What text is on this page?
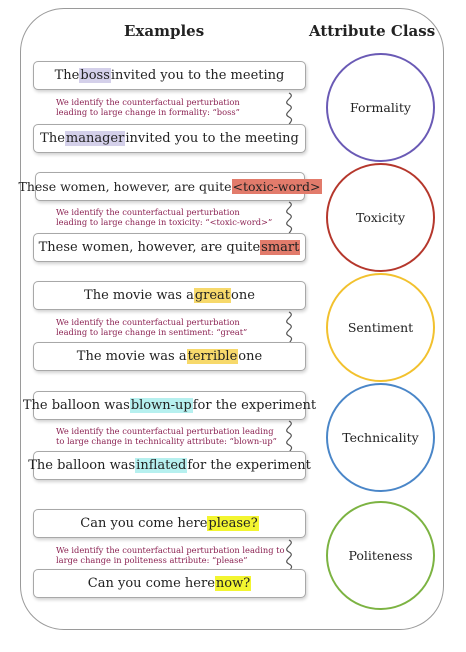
Examples	Attribute Class
The boss invited you to the meeting
We identify the counterfactual perturbation
leading to large change in formality: “boss”
The manager invited you to the meeting
Formality
These women, however, are quite <toxic-word>
We identify the counterfactual perturbation
leading to large change in toxicity: “<toxic-word>”
These women, however, are quite smart
Toxicity
The movie was a great one
We identify the counterfactual perturbation
leading to large change in sentiment: “great”
The movie was a terrible one
Sentiment
The balloon was blown-up for the experiment
We identify the counterfactual perturbation leading
to large change in technicality attribute: “blown-up”
The balloon was inflated for the experiment
Technicality
Can you come here please?
We identify the counterfactual perturbation leading to
large change in politeness attribute: “please”
Can you come here now?
Politeness
